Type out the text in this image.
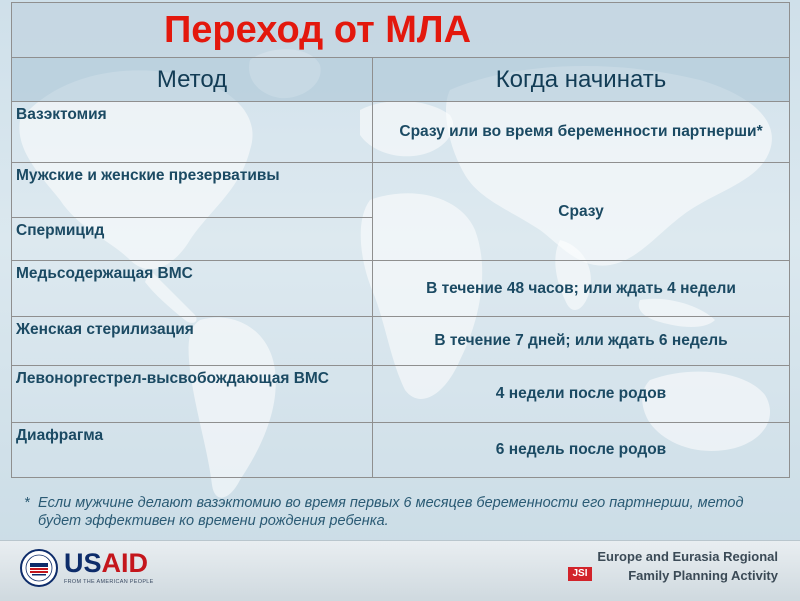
Переход от МЛА	
Метод	Когда начинать
Вазэктомия	Сразу или во время беременности партнерши*
Мужские и женские презервативы	Сразу
Спермицид	
Медьсодержащая ВМС	В течение 48 часов; или ждать 4 недели
Женская стерилизация	В течение 7 дней; или ждать 6 недель
Левоноргестрел-высвобождающая ВМС	4 недели после родов
Диафрагма	6 недель после родов
* Если мужчине делают вазэктомию во время первых 6 месяцев беременности его партнерши, метод будет эффективен ко времени рождения ребенка.
USAID
FROM THE AMERICAN PEOPLE
Europe and Eurasia Regional
JSI	Family Planning Activity
